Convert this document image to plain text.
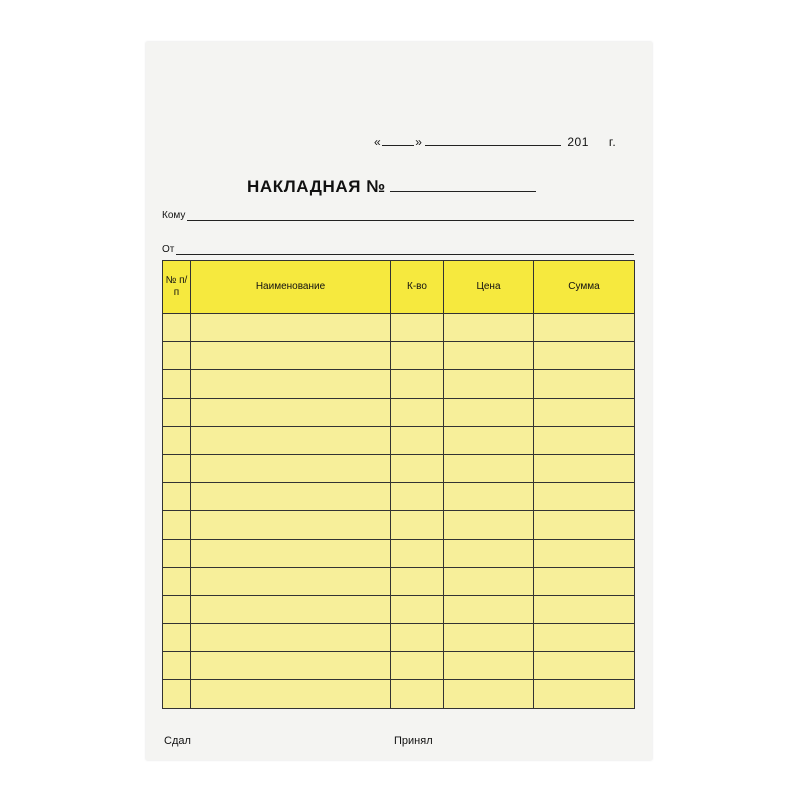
«	»	201 г.
НАКЛАДНАЯ №
Кому
От
№ п/п	Наименование	К-во	Цена	Сумма

Сдал	Принял
